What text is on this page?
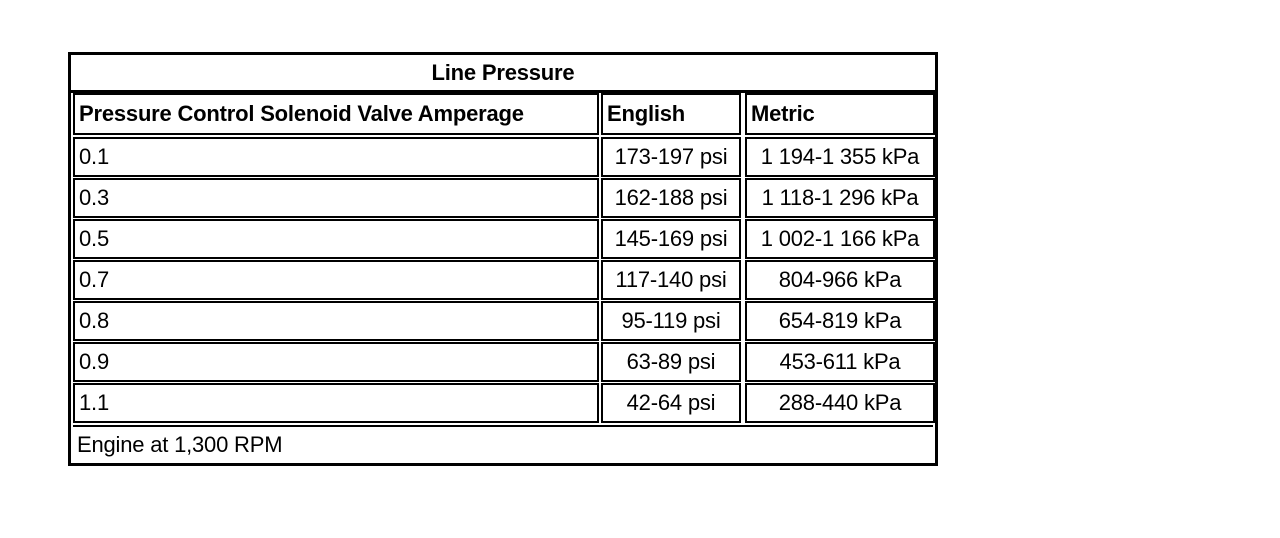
Line Pressure
Pressure Control Solenoid Valve Amperage	English	Metric
0.1	173-197 psi	1 194-1 355 kPa
0.3	162-188 psi	1 118-1 296 kPa
0.5	145-169 psi	1 002-1 166 kPa
0.7	117-140 psi	804-966 kPa
0.8	95-119 psi	654-819 kPa
0.9	63-89 psi	453-611 kPa
1.1	42-64 psi	288-440 kPa
Engine at 1,300 RPM
